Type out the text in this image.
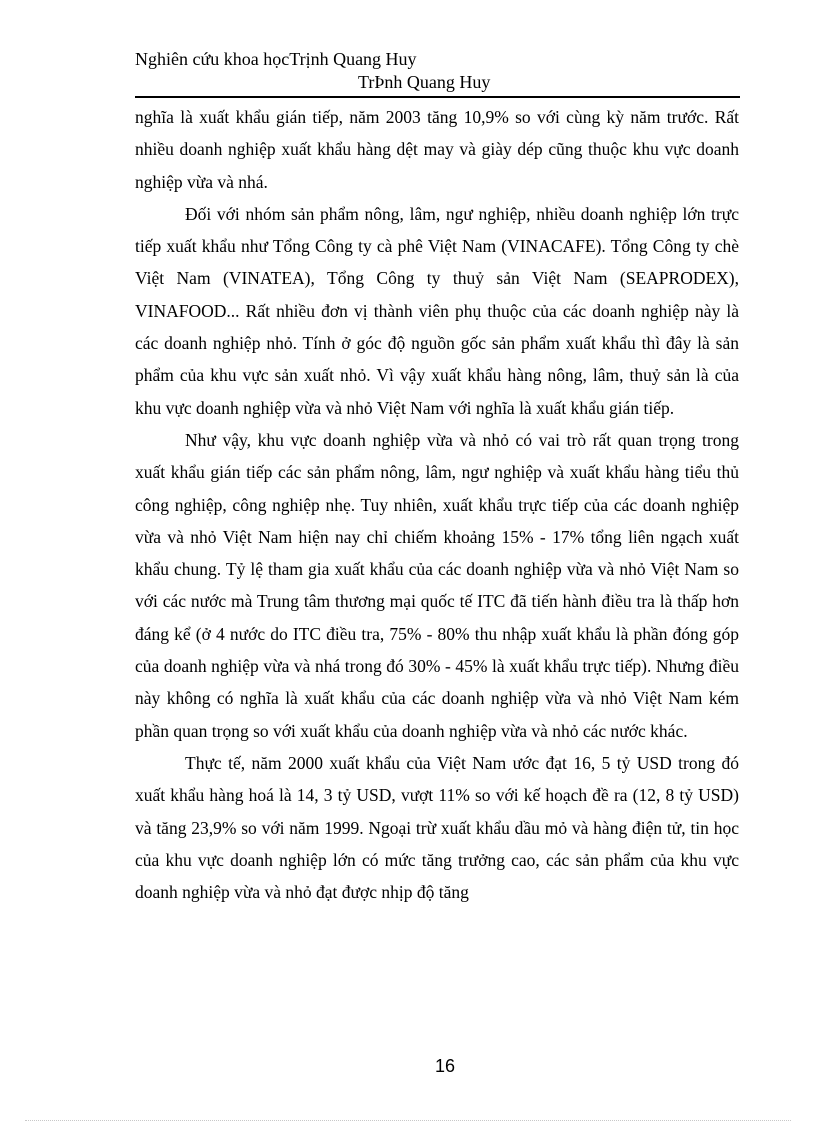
Nghiên cứu khoa họcTrịnh Quang Huy
TrÞnh Quang Huy

nghĩa là xuất khẩu gián tiếp, năm 2003 tăng 10,9% so với cùng kỳ năm trước. Rất nhiều doanh nghiệp xuất khẩu hàng dệt may và giày dép cũng thuộc khu vực doanh nghiệp vừa và nhá.

Đối với nhóm sản phẩm nông, lâm, ngư nghiệp, nhiều doanh nghiệp lớn trực tiếp xuất khẩu như Tổng Công ty cà phê Việt Nam (VINACAFE). Tổng Công ty chè Việt Nam (VINATEA), Tổng Công ty thuỷ sản Việt Nam (SEAPRODEX), VINAFOOD... Rất nhiều đơn vị thành viên phụ thuộc của các doanh nghiệp này là các doanh nghiệp nhỏ. Tính ở góc độ nguồn gốc sản phẩm xuất khẩu thì đây là sản phẩm của khu vực sản xuất nhỏ. Vì vậy xuất khẩu hàng nông, lâm, thuỷ sản là của khu vực doanh nghiệp vừa và nhỏ Việt Nam với nghĩa là xuất khẩu gián tiếp.

Như vậy, khu vực doanh nghiệp vừa và nhỏ có vai trò rất quan trọng trong xuất khẩu gián tiếp các sản phẩm nông, lâm, ngư nghiệp và xuất khẩu hàng tiểu thủ công nghiệp, công nghiệp nhẹ. Tuy nhiên, xuất khẩu trực tiếp của các doanh nghiệp vừa và nhỏ Việt Nam hiện nay chỉ chiếm khoảng 15% - 17% tổng liên ngạch xuất khẩu chung. Tỷ lệ tham gia xuất khẩu của các doanh nghiệp vừa và nhỏ Việt Nam so với các nước mà Trung tâm thương mại quốc tế ITC đã tiến hành điều tra là thấp hơn đáng kể (ở 4 nước do ITC điều tra, 75% - 80% thu nhập xuất khẩu là phần đóng góp của doanh nghiệp vừa và nhá trong đó 30% - 45% là xuất khẩu trực tiếp). Nhưng điều này không có nghĩa là xuất khẩu của các doanh nghiệp vừa và nhỏ Việt Nam kém phần quan trọng so với xuất khẩu của doanh nghiệp vừa và nhỏ các nước khác.

Thực tế, năm 2000 xuất khẩu của Việt Nam ước đạt 16, 5 tỷ USD trong đó xuất khẩu hàng hoá là 14, 3 tỷ USD, vượt 11% so với kế hoạch đề ra (12, 8 tỷ USD) và tăng 23,9% so với năm 1999. Ngoại trừ xuất khẩu dầu mỏ và hàng điện tử, tin học của khu vực doanh nghiệp lớn có mức tăng trưởng cao, các sản phẩm của khu vực doanh nghiệp vừa và nhỏ đạt được nhịp độ tăng

16
